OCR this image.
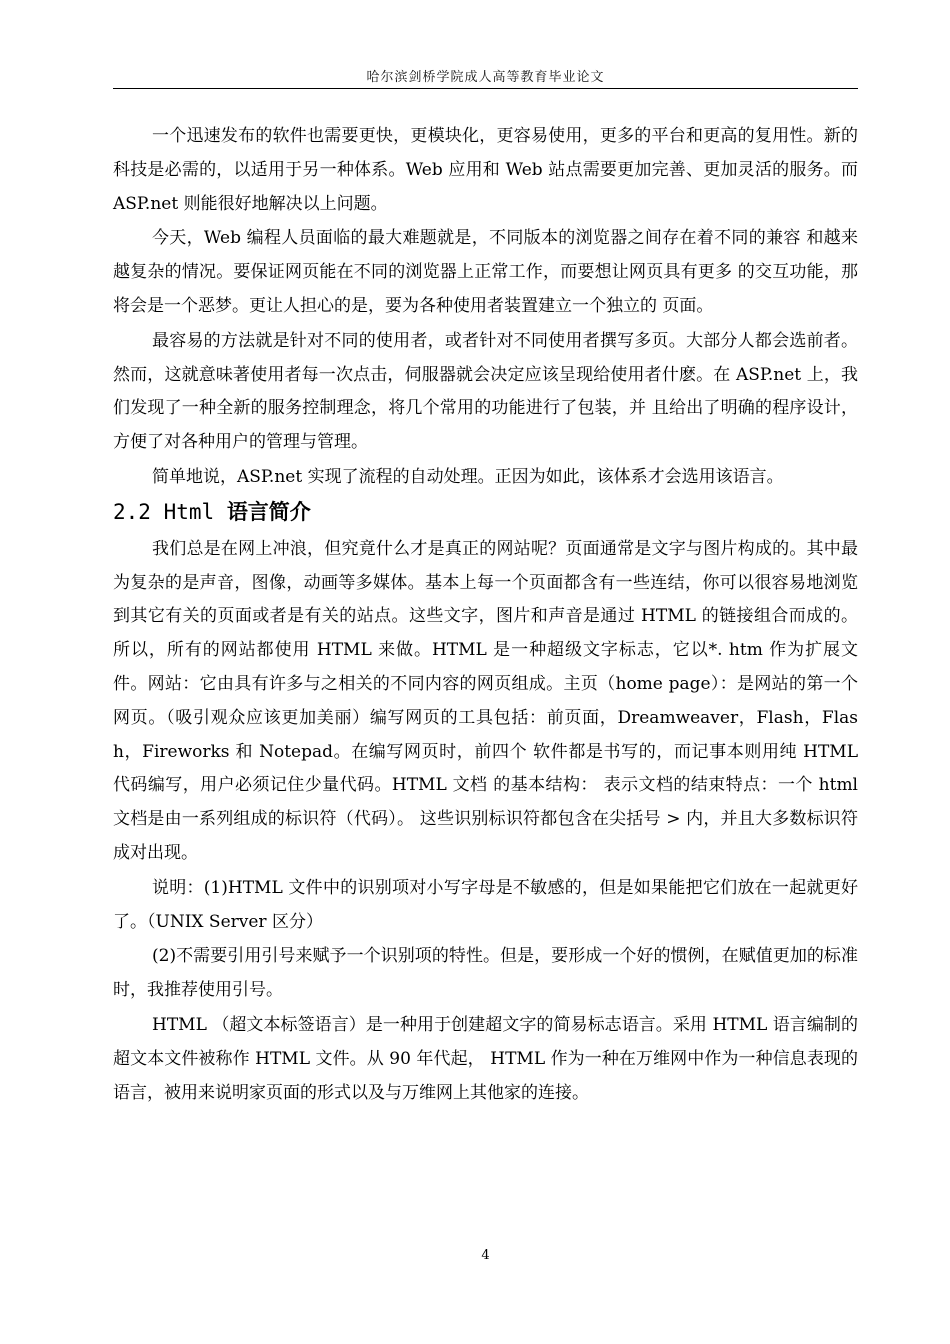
哈尔滨剑桥学院成人高等教育毕业论文

一个迅速发布的软件也需要更快，更模块化，更容易使用，更多的平台和更高的复用性。新的科技是必需的，以适用于另一种体系。Web 应用和 Web 站点需要更加完善、更加灵活的服务。而 ASP.net 则能很好地解决以上问题。

今天，Web 编程人员面临的最大难题就是，不同版本的浏览器之间存在着不同的兼容 和越来越复杂的情况。要保证网页能在不同的浏览器上正常工作，而要想让网页具有更多 的交互功能，那将会是一个恶梦。更让人担心的是，要为各种使用者装置建立一个独立的 页面。

最容易的方法就是针对不同的使用者，或者针对不同使用者撰写多页。大部分人都会选前者。然而，这就意味著使用者每一次点击，伺服器就会决定应该呈现给使用者什麽。在 ASP.net 上，我们发现了一种全新的服务控制理念，将几个常用的功能进行了包装，并 且给出了明确的程序设计，方便了对各种用户的管理与管理。

简单地说，ASP.net 实现了流程的自动处理。正因为如此，该体系才会选用该语言。

2.2 Html 语言简介

我们总是在网上冲浪，但究竟什么才是真正的网站呢？页面通常是文字与图片构成的。其中最为复杂的是声音，图像，动画等多媒体。基本上每一个页面都含有一些连结，你可以很容易地浏览到其它有关的页面或者是有关的站点。这些文字，图片和声音是通过 HTML 的链接组合而成的。所以，所有的网站都使用 HTML 来做。HTML 是一种超级文字标志，它以*. htm 作为扩展文件。网站：它由具有许多与之相关的不同内容的网页组成。主页（home page）：是网站的第一个网页。（吸引观众应该更加美丽）编写网页的工具包括：前页面，Dreamweaver，Flash，Flash，Fireworks 和 Notepad。在编写网页时，前四个 软件都是书写的，而记事本则用纯 HTML 代码编写，用户必须记住少量代码。HTML 文档 的基本结构： 表示文档的结束特点：一个 html 文档是由一系列组成的标识符（代码）。 这些识别标识符都包含在尖括号 > 内，并且大多数标识符成对出现。

说明：(1)HTML 文件中的识别项对小写字母是不敏感的，但是如果能把它们放在一起就更好了。（UNIX Server 区分）

(2)不需要引用引号来赋予一个识别项的特性。但是，要形成一个好的惯例，在赋值更加的标准时，我推荐使用引号。

HTML （超文本标签语言）是一种用于创建超文字的简易标志语言。采用 HTML 语言编制的超文本文件被称作 HTML 文件。从 90 年代起， HTML 作为一种在万维网中作为一种信息表现的语言，被用来说明家页面的形式以及与万维网上其他家的连接。

4
